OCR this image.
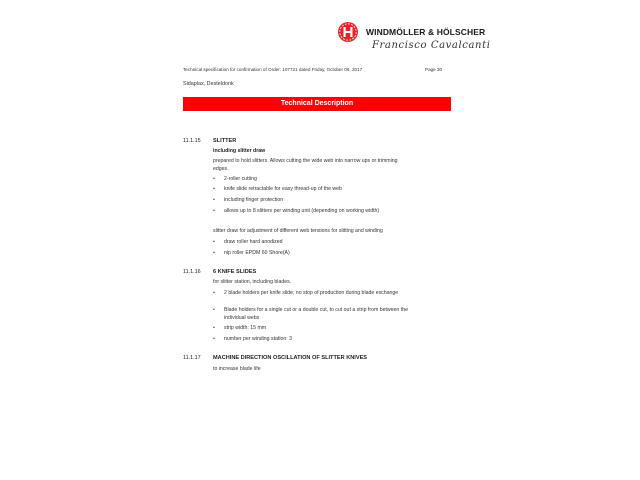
WINDMÖLLER & HÖLSCHER
Francisco Cavalcanti
Technical specification for confirmation of Order: 107721 dated Friday, October 06, 2017	Page 30
Sidaplax, Desteldonk
Technical Description
11.1.15 SLITTER
including slitter draw
prepared to hold slitters. Allows cutting the wide web into narrow ups or trimming edges.
• 2-roller cutting
• knife slide retractable for easy thread-up of the web
• including finger protection
• allows up to 8 slitters per winding unit (depending on working width)
slitter draw for adjustment of different web tensions for slitting and winding
• draw roller hard anodized
• nip roller EPDM 60 Shore(A)
11.1.16 6 KNIFE SLIDES
for slitter station, including blades.
• 2 blade holders per knife slide; no stop of production during blade exchange
• Blade holders for a single cut or a double cut, to cut out a strip from between the individual webs
• strip width: 15 mm
• number per winding station: 3
11.1.17 MACHINE DIRECTION OSCILLATION OF SLITTER KNIVES
to increase blade life
